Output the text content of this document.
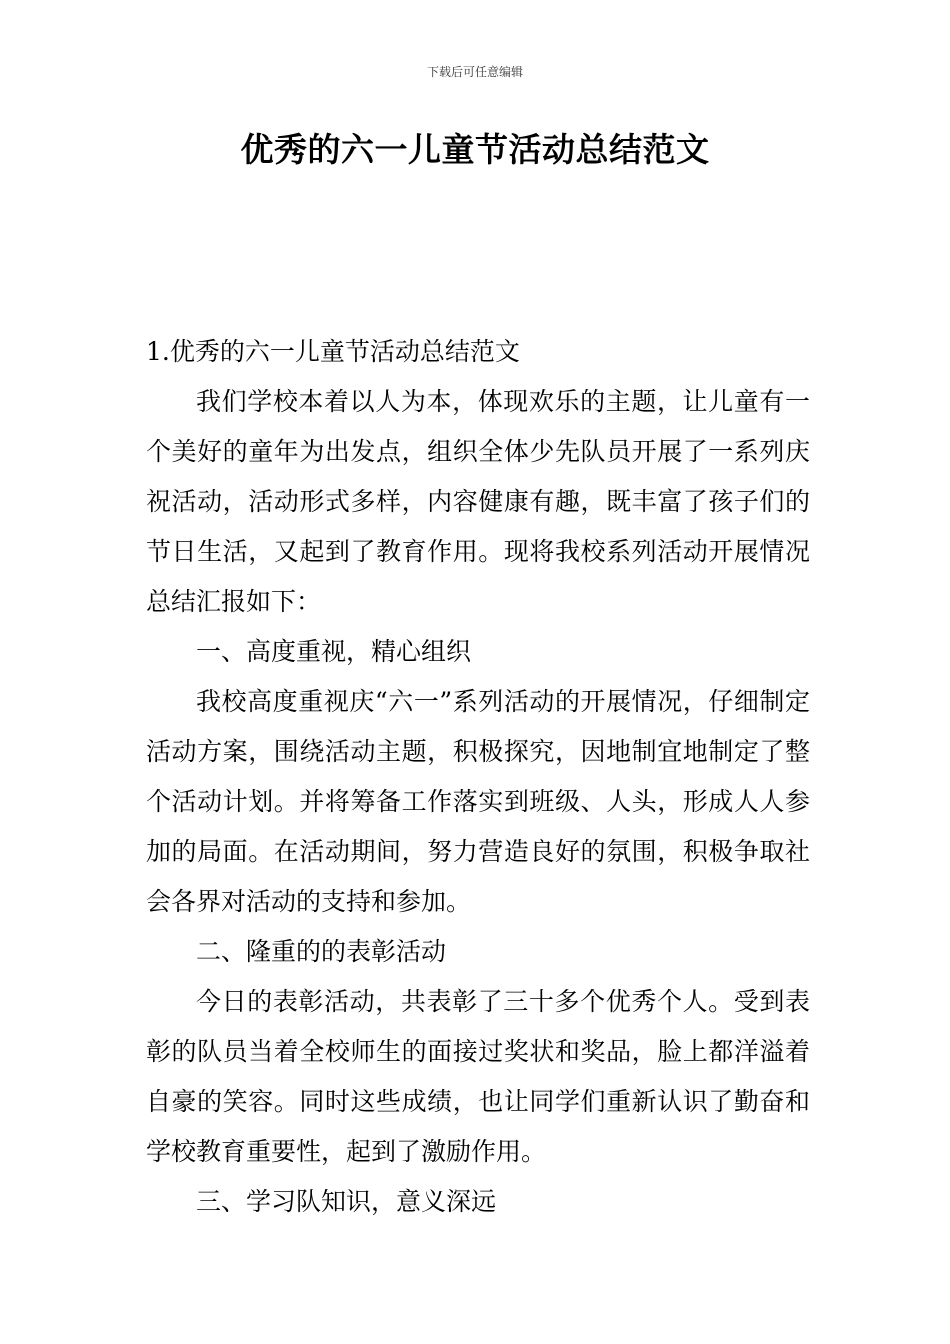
下载后可任意编辑
优秀的六一儿童节活动总结范文

1.优秀的六一儿童节活动总结范文

我们学校本着以人为本，体现欢乐的主题，让儿童有一个美好的童年为出发点，组织全体少先队员开展了一系列庆祝活动，活动形式多样，内容健康有趣，既丰富了孩子们的节日生活，又起到了教育作用。现将我校系列活动开展情况总结汇报如下：

一、高度重视，精心组织

我校高度重视庆“六一”系列活动的开展情况，仔细制定活动方案，围绕活动主题，积极探究，因地制宜地制定了整个活动计划。并将筹备工作落实到班级、人头，形成人人参加的局面。在活动期间，努力营造良好的氛围，积极争取社会各界对活动的支持和参加。

二、隆重的的表彰活动

今日的表彰活动，共表彰了三十多个优秀个人。受到表彰的队员当着全校师生的面接过奖状和奖品，脸上都洋溢着自豪的笑容。同时这些成绩，也让同学们重新认识了勤奋和学校教育重要性，起到了激励作用。

三、学习队知识，意义深远
